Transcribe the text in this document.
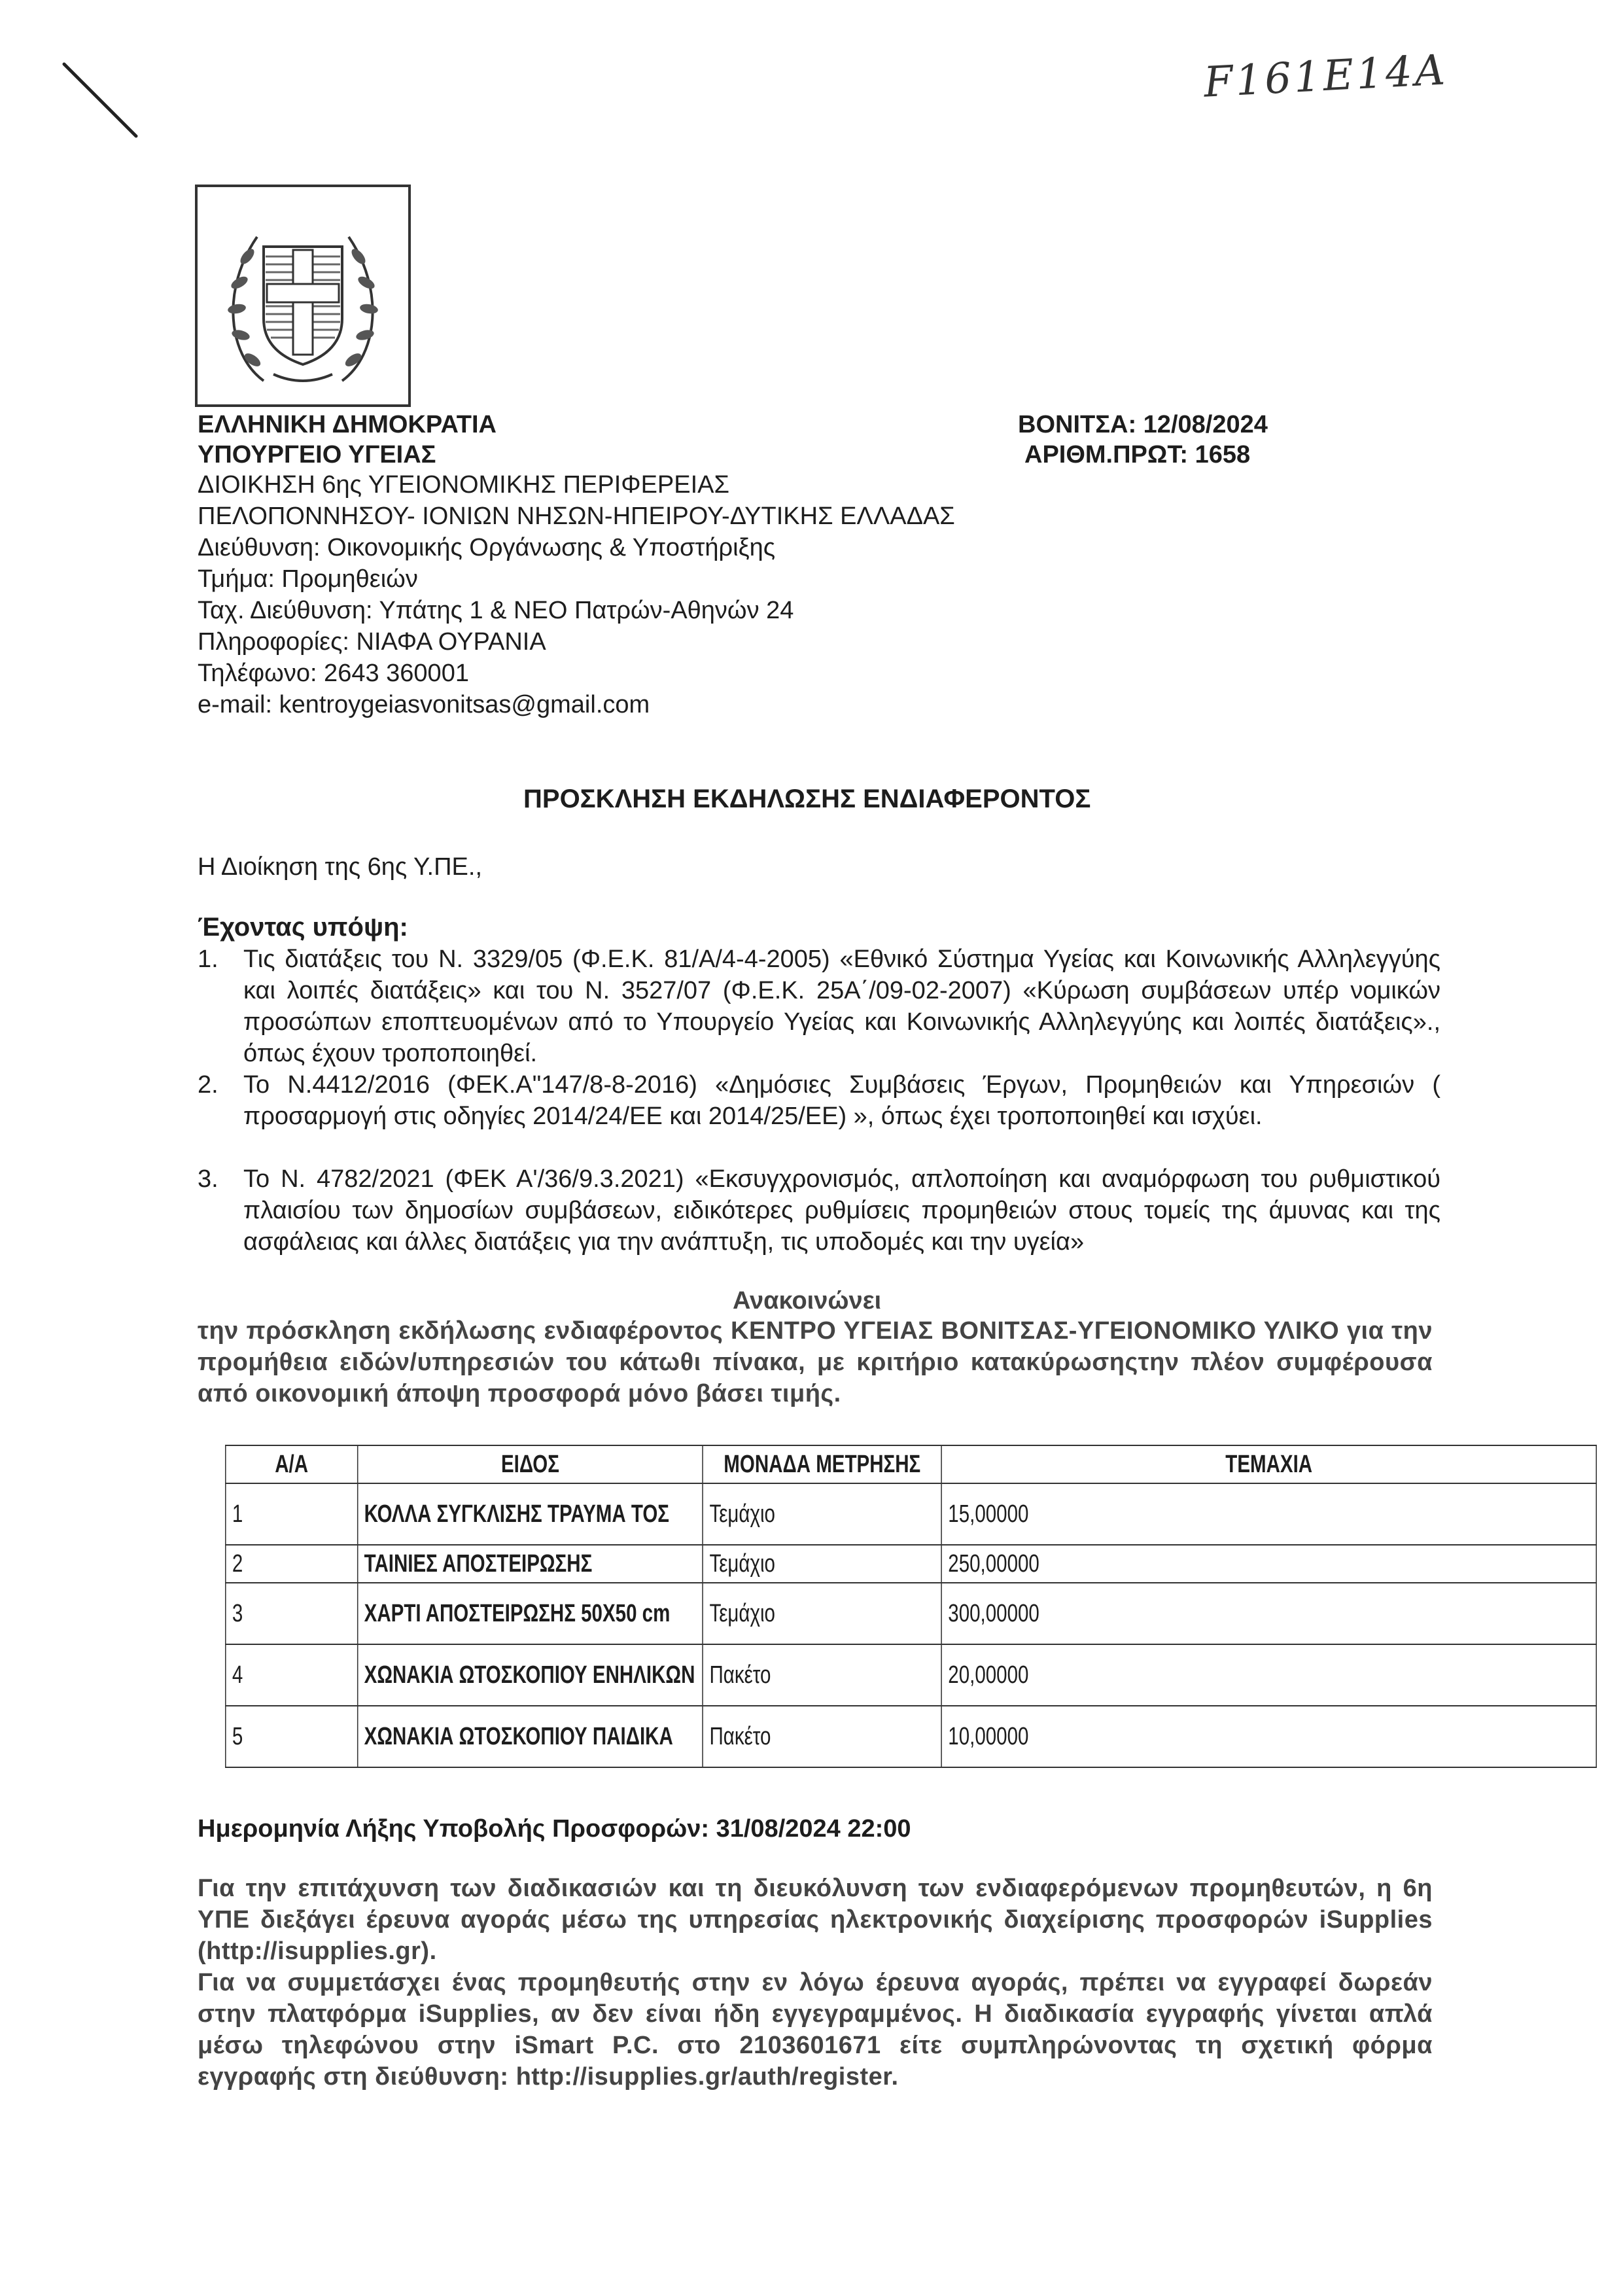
F161E14A
ΕΛΛΗΝΙΚΗ ΔΗΜΟΚΡΑΤΙΑ
ΥΠΟΥΡΓΕΙΟ ΥΓΕΙΑΣ
ΔΙΟΙΚΗΣΗ 6ης ΥΓΕΙΟΝΟΜΙΚΗΣ ΠΕΡΙΦΕΡΕΙΑΣ
ΠΕΛΟΠΟΝΝΗΣΟΥ- ΙΟΝΙΩΝ ΝΗΣΩΝ-ΗΠΕΙΡΟΥ-ΔΥΤΙΚΗΣ ΕΛΛΑΔΑΣ
Διεύθυνση: Οικονομικής Οργάνωσης & Υποστήριξης
Τμήμα: Προμηθειών
Ταχ. Διεύθυνση: Υπάτης 1 & ΝΕΟ Πατρών-Αθηνών 24
Πληροφορίες: ΝΙΑΦΑ ΟΥΡΑΝΙΑ
Τηλέφωνο: 2643 360001
e-mail: kentroygeiasvonitsas@gmail.com
ΒΟΝΙΤΣΑ: 12/08/2024
ΑΡΙΘΜ.ΠΡΩΤ: 1658
ΠΡΟΣΚΛΗΣΗ ΕΚΔΗΛΩΣΗΣ ΕΝΔΙΑΦΕΡΟΝΤΟΣ
Η Διοίκηση της 6ης Υ.ΠΕ.,
Έχοντας υπόψη:
1.	Τις διατάξεις του Ν. 3329/05 (Φ.Ε.Κ. 81/Α/4-4-2005) «Εθνικό Σύστημα Υγείας και Κοινωνικής Αλληλεγγύης και λοιπές διατάξεις» και του Ν. 3527/07 (Φ.Ε.Κ. 25Α΄/09-02-2007) «Κύρωση συμβάσεων υπέρ νομικών προσώπων εποπτευομένων από το Υπουργείο Υγείας και Κοινωνικής Αλληλεγγύης και λοιπές διατάξεις»., όπως έχουν τροποποιηθεί.
2.	Το Ν.4412/2016 (ΦΕΚ.Α"147/8-8-2016) «Δημόσιες Συμβάσεις Έργων, Προμηθειών και Υπηρεσιών ( προσαρμογή στις οδηγίες 2014/24/ΕΕ και 2014/25/ΕΕ) », όπως έχει τροποποιηθεί και ισχύει.
3.	Το Ν. 4782/2021 (ΦΕΚ Α'/36/9.3.2021) «Εκσυγχρονισμός, απλοποίηση και αναμόρφωση του ρυθμιστικού πλαισίου των δημοσίων συμβάσεων, ειδικότερες ρυθμίσεις προμηθειών στους τομείς της άμυνας και της ασφάλειας και άλλες διατάξεις για την ανάπτυξη, τις υποδομές και την υγεία»
Ανακοινώνει
την πρόσκληση εκδήλωσης ενδιαφέροντος ΚΕΝΤΡΟ ΥΓΕΙΑΣ ΒΟΝΙΤΣΑΣ-ΥΓΕΙΟΝΟΜΙΚΟ ΥΛΙΚΟ για την προμήθεια ειδών/υπηρεσιών του κάτωθι πίνακα, με κριτήριο κατακύρωσηςτην πλέον συμφέρουσα από οικονομική άποψη προσφορά μόνο βάσει τιμής.
Α/Α	ΕΙΔΟΣ	ΜΟΝΑΔΑ ΜΕΤΡΗΣΗΣ	ΤΕΜΑΧΙΑ
1	ΚΟΛΛΑ ΣΥΓΚΛΙΣΗΣ ΤΡΑΥΜΑ ΤΟΣ	Τεμάχιο	15,00000
2	ΤΑΙΝΙΕΣ ΑΠΟΣΤΕΙΡΩΣΗΣ	Τεμάχιο	250,00000
3	ΧΑΡΤΙ ΑΠΟΣΤΕΙΡΩΣΗΣ 50Χ50 cm	Τεμάχιο	300,00000
4	ΧΩΝΑΚΙΑ ΩΤΟΣΚΟΠΙΟΥ ΕΝΗΛΙΚΩΝ	Πακέτο	20,00000
5	ΧΩΝΑΚΙΑ ΩΤΟΣΚΟΠΙΟΥ ΠΑΙΔΙΚΑ	Πακέτο	10,00000
Ημερομηνία Λήξης Υποβολής Προσφορών: 31/08/2024 22:00
Για την επιτάχυνση των διαδικασιών και τη διευκόλυνση των ενδιαφερόμενων προμηθευτών, η 6η ΥΠΕ διεξάγει έρευνα αγοράς μέσω της υπηρεσίας ηλεκτρονικής διαχείρισης προσφορών iSupplies (http://isupplies.gr).
Για να συμμετάσχει ένας προμηθευτής στην εν λόγω έρευνα αγοράς, πρέπει να εγγραφεί δωρεάν στην πλατφόρμα iSupplies, αν δεν είναι ήδη εγγεγραμμένος. Η διαδικασία εγγραφής γίνεται απλά μέσω τηλεφώνου στην iSmart P.C. στο 2103601671 είτε συμπληρώνοντας τη σχετική φόρμα εγγραφής στη διεύθυνση: http://isupplies.gr/auth/register.
